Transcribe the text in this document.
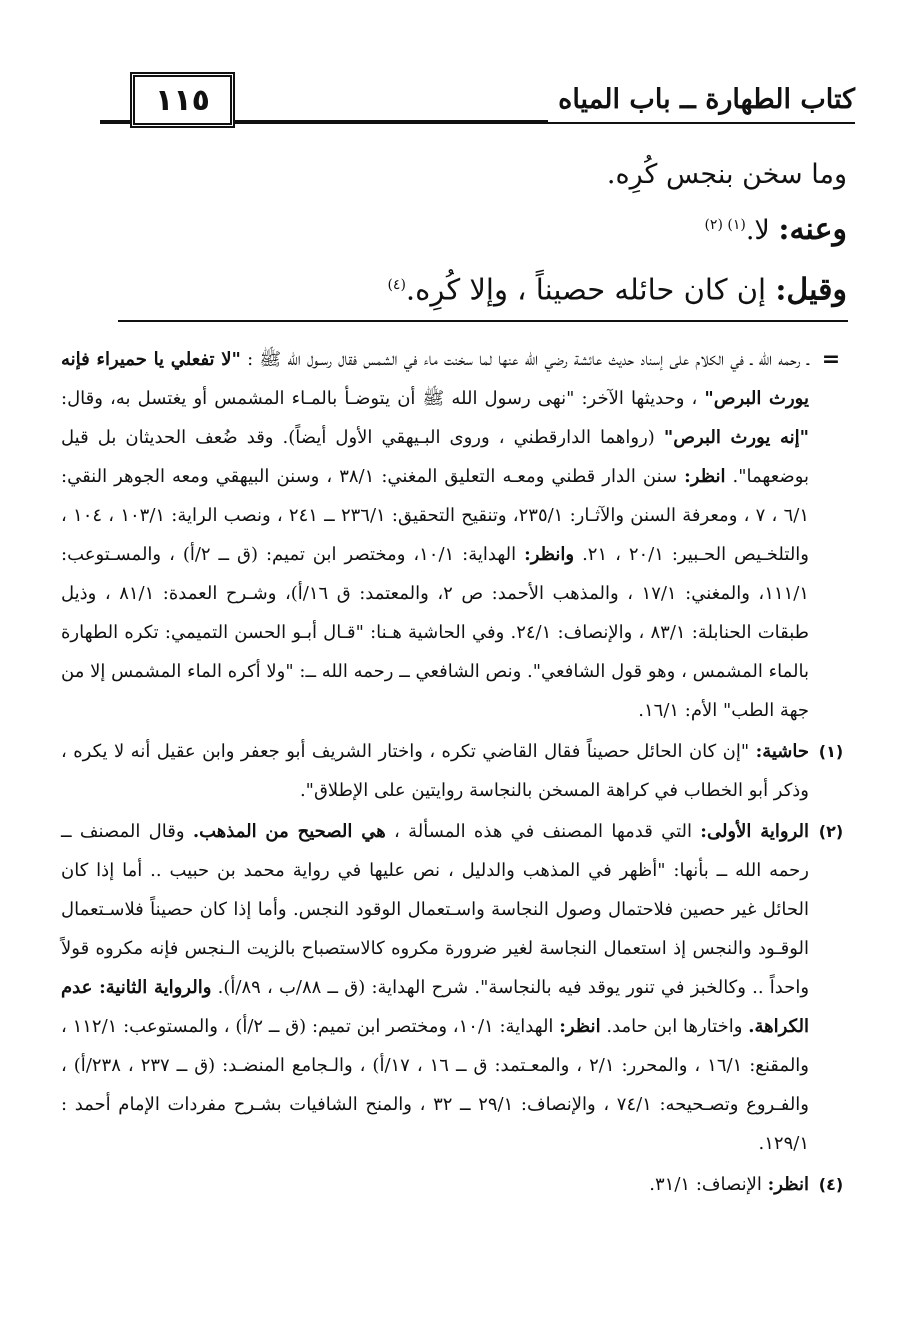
١١٥	كتاب الطهارة ــ باب المياه
وما سخن بنجس كُرِه.
وعنه: لا.$^{(١) (٢)}$
وقيل: إن كان حائله حصيناً ، وإلا كُرِه.$^{(٤)}$
=
ـ رحمه الله ـ في الكلام على إسناد حديث عائشة رضي الله عنها لما سخنت ماء في الشمس فقال رسـول الله ﷺ : "لا تفعلي يا حميراء فإنه يورث البرص" ، وحديثها الآخر: "نهى رسول الله ﷺ أن يتوضـأ بالمـاء المشمس أو يغتسل به، وقال: "إنه يورث البرص" (رواهما الدارقطني ، وروى البـيهقي الأول أيضاً). وقد ضُعف الحديثان بل قيل بوضعهما". انظر: سنن الدار قطني ومعـه التعليق المغني: ٣٨/١ ، وسنن البيهقي ومعه الجوهر النقي: ٦/١ ، ٧ ، ومعرفة السنن والآثـار: ٢٣٥/١، وتنقيح التحقيق: ٢٣٦/١ ــ ٢٤١ ، ونصب الراية: ١٠٣/١ ، ١٠٤ ، والتلخـيص الحـبير: ٢٠/١ ، ٢١. وانظر: الهداية: ١٠/١، ومختصر ابن تميم: (ق ــ ٢/أ) ، والمسـتوعب: ١١١/١، والمغني: ١٧/١ ، والمذهب الأحمد: ص ٢، والمعتمد: ق ١٦/أ)، وشـرح العمدة: ٨١/١ ، وذيل طبقات الحنابلة: ٨٣/١ ، والإنصاف: ٢٤/١. وفي الحاشية هـنا: "قـال أبـو الحسن التميمي: تكره الطهارة بالماء المشمس ، وهو قول الشافعي". ونص الشافعي ــ رحمه الله ــ: "ولا أكره الماء المشمس إلا من جهة الطب" الأم: ١٦/١.
(١)
حاشية: "إن كان الحائل حصيناً فقال القاضي تكره ، واختار الشريف أبو جعفر وابن عقيل أنه لا يكره ، وذكر أبو الخطاب في كراهة المسخن بالنجاسة روايتين على الإطلاق".
(٢)
الرواية الأولى: التي قدمها المصنف في هذه المسألة ، هي الصحيح من المذهب. وقال المصنف ــ رحمه الله ــ بأنها: "أظهر في المذهب والدليل ، نص عليها في رواية محمد بن حبيب .. أما إذا كان الحائل غير حصين فلاحتمال وصول النجاسة واسـتعمال الوقود النجس. وأما إذا كان حصيناً فلاسـتعمال الوقـود والنجس إذ استعمال النجاسة لغير ضرورة مكروه كالاستصباح بالزيت الـنجس فإنه مكروه قولاً واحداً .. وكالخبز في تنور يوقد فيه بالنجاسة". شرح الهداية: (ق ــ ٨٨/ب ، ٨٩/أ). والرواية الثانية: عدم الكراهة. واختارها ابن حامد. انظر: الهداية: ١٠/١، ومختصر ابن تميم: (ق ــ ٢/أ) ، والمستوعب: ١١٢/١ ، والمقنع: ١٦/١ ، والمحرر: ٢/١ ، والمعـتمد: ق ــ ١٦ ، ١٧/أ) ، والـجامع المنضـد: (ق ــ ٢٣٧ ، ٢٣٨/أ) ، والفـروع وتصـحيحه: ٧٤/١ ، والإنصاف: ٢٩/١ ــ ٣٢ ، والمنح الشافيات بشـرح مفردات الإمام أحمد : ١٢٩/١.
(٤)
انظر: الإنصاف: ٣١/١.
